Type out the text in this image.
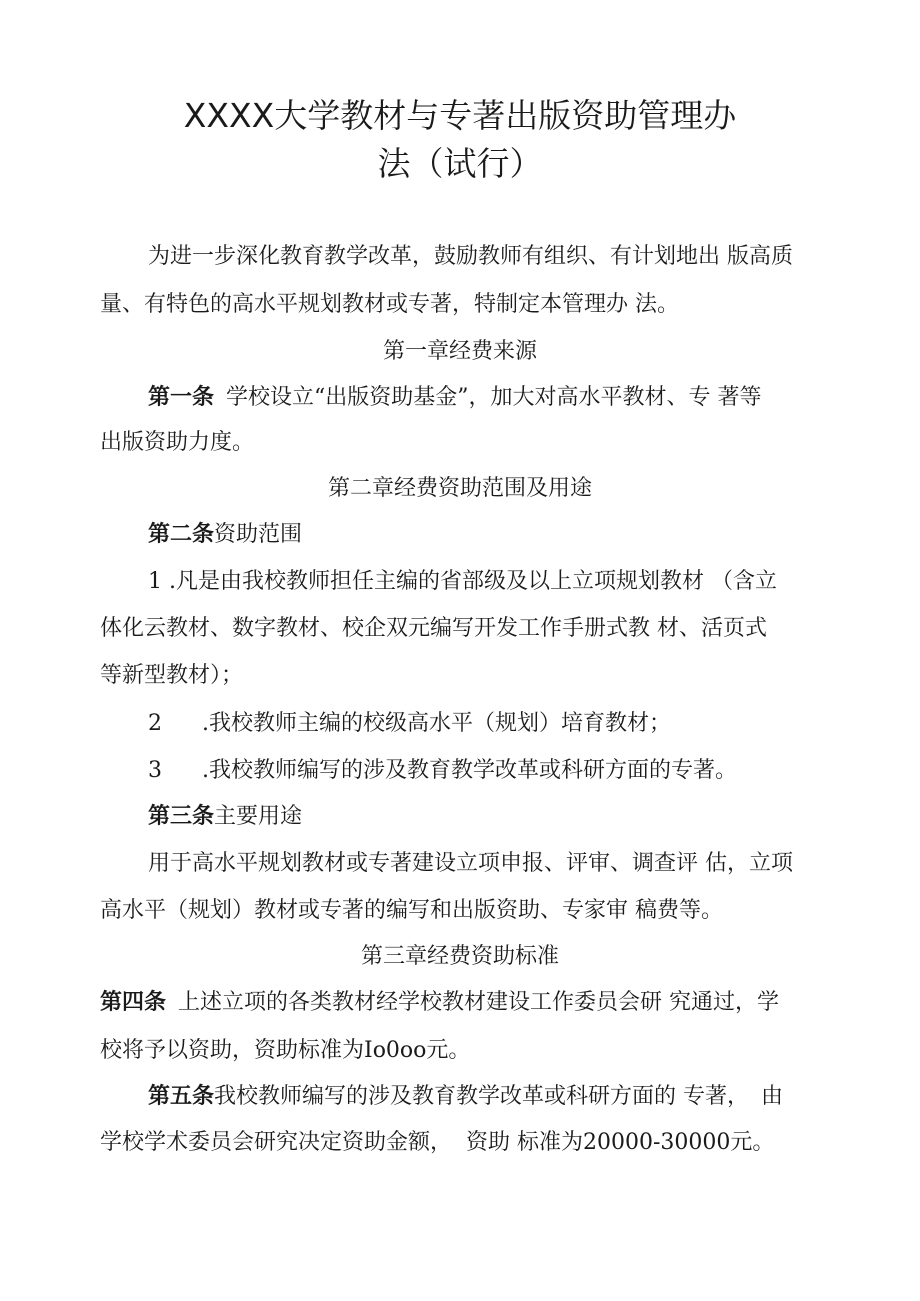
XXXX大学教材与专著出版资助管理办
法（试行）
为进一步深化教育教学改革，鼓励教师有组织、有计划地出 版高质
量、有特色的高水平规划教材或专著，特制定本管理办 法。
第一章经费来源
第一条 学校设立“出版资助基金”，加大对高水平教材、专 著等
出版资助力度。
第二章经费资助范围及用途
第二条资助范围
1 .凡是由我校教师担任主编的省部级及以上立项规划教材 （含立
体化云教材、数字教材、校企双元编写开发工作手册式教 材、活页式
等新型教材）；
2 .我校教师主编的校级高水平（规划）培育教材；
3 .我校教师编写的涉及教育教学改革或科研方面的专著。
第三条主要用途
用于高水平规划教材或专著建设立项申报、评审、调查评 估，立项
高水平（规划）教材或专著的编写和出版资助、专家审 稿费等。
第三章经费资助标准
第四条 上述立项的各类教材经学校教材建设工作委员会研 究通过，学
校将予以资助，资助标准为Io0oo元。
第五条我校教师编写的涉及教育教学改革或科研方面的 专著， 由
学校学术委员会研究决定资助金额， 资助 标准为20000-30000元。
